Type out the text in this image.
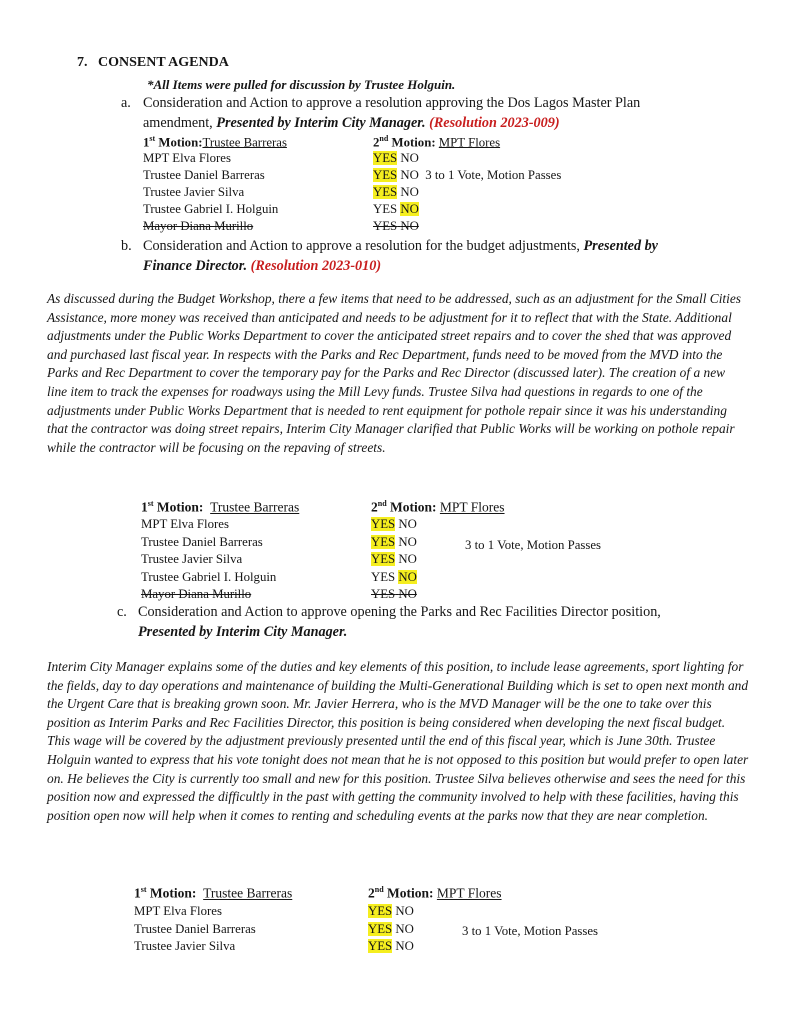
7. CONSENT AGENDA
*All Items were pulled for discussion by Trustee Holguin.
a. Consideration and Action to approve a resolution approving the Dos Lagos Master Plan
amendment, Presented by Interim City Manager. (Resolution 2023-009)
1st Motion:Trustee Barreras	2nd Motion: MPT Flores
MPT Elva Flores	YES NO
Trustee Daniel Barreras	YES NO 3 to 1 Vote, Motion Passes
Trustee Javier Silva	YES NO
Trustee Gabriel I. Holguin	YES NO
Mayor Diana Murillo	YES NO
b. Consideration and Action to approve a resolution for the budget adjustments, Presented by
Finance Director. (Resolution 2023-010)
As discussed during the Budget Workshop, there a few items that need to be addressed, such as an adjustment for the Small Cities Assistance, more money was received than anticipated and needs to be adjustment for it to reflect that with the State. Additional adjustments under the Public Works Department to cover the anticipated street repairs and to cover the shed that was approved and purchased last fiscal year. In respects with the Parks and Rec Department, funds need to be moved from the MVD into the Parks and Rec Department to cover the temporary pay for the Parks and Rec Director (discussed later). The creation of a new line item to track the expenses for roadways using the Mill Levy funds. Trustee Silva had questions in regards to one of the adjustments under Public Works Department that is needed to rent equipment for pothole repair since it was his understanding that the contractor was doing street repairs, Interim City Manager clarified that Public Works will be working on pothole repair while the contractor will be focusing on the repaving of streets.
1st Motion: Trustee Barreras	2nd Motion: MPT Flores
MPT Elva Flores	YES NO
Trustee Daniel Barreras	YES NO	3 to 1 Vote, Motion Passes
Trustee Javier Silva	YES NO
Trustee Gabriel I. Holguin	YES NO
Mayor Diana Murillo	YES NO
c. Consideration and Action to approve opening the Parks and Rec Facilities Director position,
Presented by Interim City Manager.
Interim City Manager explains some of the duties and key elements of this position, to include lease agreements, sport lighting for the fields, day to day operations and maintenance of building the Multi-Generational Building which is set to open next month and the Urgent Care that is breaking grown soon. Mr. Javier Herrera, who is the MVD Manager will be the one to take over this position as Interim Parks and Rec Facilities Director, this position is being considered when developing the next fiscal budget. This wage will be covered by the adjustment previously presented until the end of this fiscal year, which is June 30th. Trustee Holguin wanted to express that his vote tonight does not mean that he is not opposed to this position but would prefer to open later on. He believes the City is currently too small and new for this position. Trustee Silva believes otherwise and sees the need for this position now and expressed the difficultly in the past with getting the community involved to help with these facilities, having this position open now will help when it comes to renting and scheduling events at the parks now that they are near completion.
1st Motion: Trustee Barreras	2nd Motion: MPT Flores
MPT Elva Flores	YES NO
Trustee Daniel Barreras	YES NO	3 to 1 Vote, Motion Passes
Trustee Javier Silva	YES NO
